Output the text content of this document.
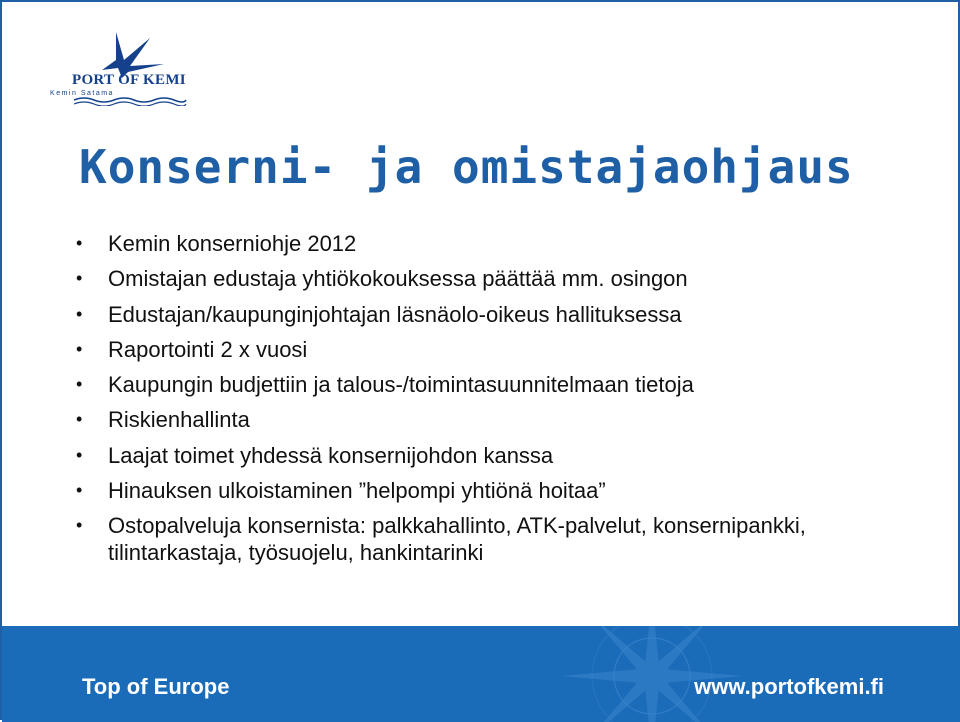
PORT OF KEMI
Kemin Satama
Konserni- ja omistajaohjaus
• Kemin konserniohje 2012
• Omistajan edustaja yhtiökokouksessa päättää mm. osingon
• Edustajan/kaupunginjohtajan läsnäolo-oikeus hallituksessa
• Raportointi 2 x vuosi
• Kaupungin budjettiin ja talous-/toimintasuunnitelmaan tietoja
• Riskienhallinta
• Laajat toimet yhdessä konsernijohdon kanssa
• Hinauksen ulkoistaminen ”helpompi yhtiönä hoitaa”
• Ostopalveluja konsernista: palkkahallinto, ATK-palvelut, konsernipankki, tilintarkastaja, työsuojelu, hankintarinki
Top of Europe	www.portofkemi.fi
